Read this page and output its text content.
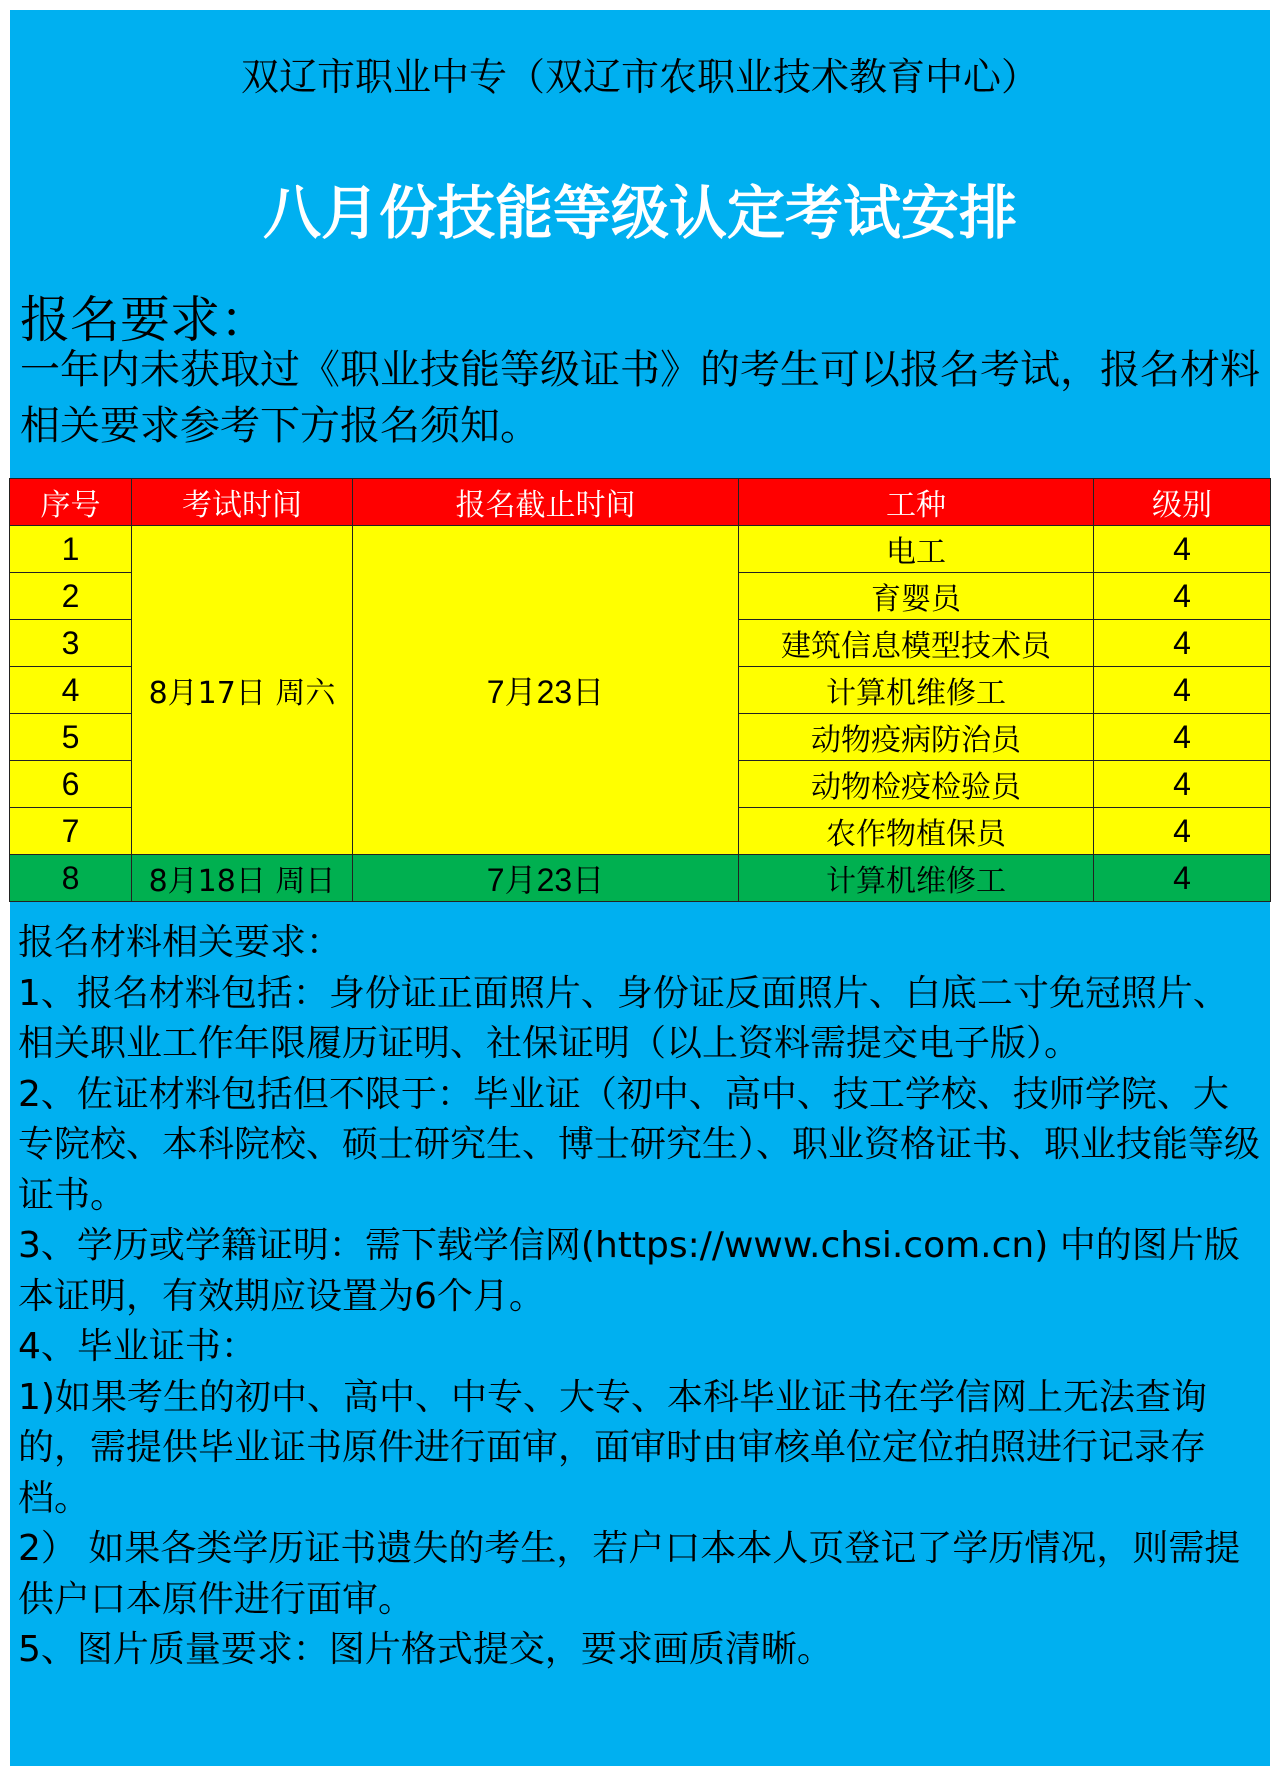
双辽市职业中专（双辽市农职业技术教育中心）
八月份技能等级认定考试安排
报名要求：
一年内未获取过《职业技能等级证书》的考生可以报名考试，报名材料相关要求参考下方报名须知。
序号	考试时间	报名截止时间	工种	级别
1	8月17日 周六	7月23日	电工	4
2			育婴员	4
3			建筑信息模型技术员	4
4			计算机维修工	4
5			动物疫病防治员	4
6			动物检疫检验员	4
7			农作物植保员	4
8	8月18日 周日	7月23日	计算机维修工	4
报名材料相关要求：
1、报名材料包括：身份证正面照片、身份证反面照片、白底二寸免冠照片、相关职业工作年限履历证明、社保证明（以上资料需提交电子版）。
2、佐证材料包括但不限于：毕业证（初中、高中、技工学校、技师学院、大专院校、本科院校、硕士研究生、博士研究生）、职业资格证书、职业技能等级证书。
3、学历或学籍证明：需下载学信网(https://www.chsi.com.cn) 中的图片版本证明，有效期应设置为6个月。
4、毕业证书：
1)如果考生的初中、高中、中专、大专、本科毕业证书在学信网上无法查询的，需提供毕业证书原件进行面审，面审时由审核单位定位拍照进行记录存档。
2） 如果各类学历证书遗失的考生，若户口本本人页登记了学历情况，则需提供户口本原件进行面审。
5、图片质量要求：图片格式提交，要求画质清晰。
